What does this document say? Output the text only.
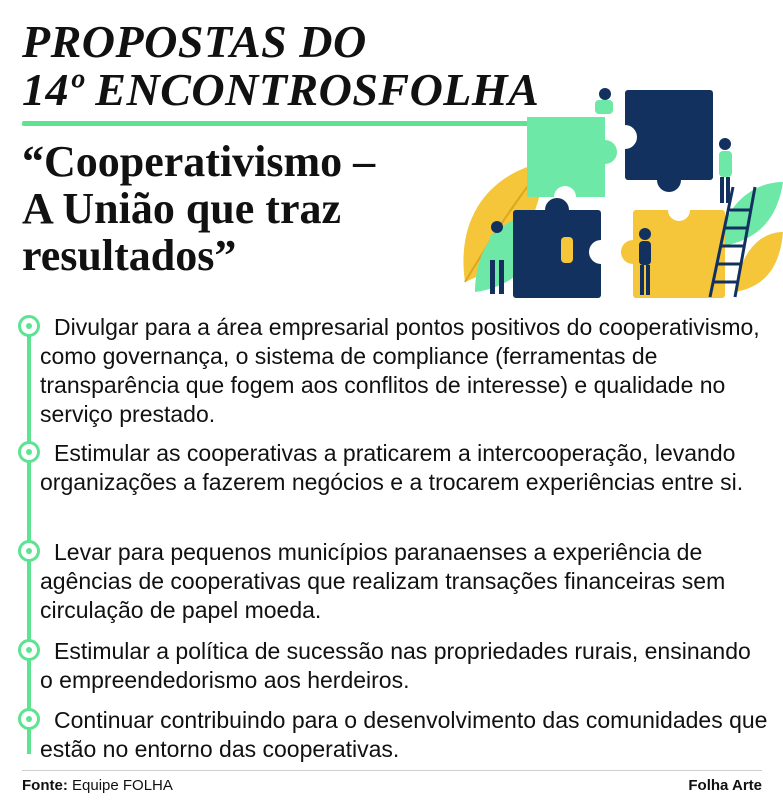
PROPOSTAS DO
14º ENCONTROSFOLHA
“Cooperativismo –
A União que traz
resultados”

Divulgar para a área empresarial pontos positivos do cooperativismo, como governança, o sistema de compliance (ferramentas de transparência que fogem aos conflitos de interesse) e qualidade no serviço prestado.

Estimular as cooperativas a praticarem a intercooperação, levando organizações a fazerem negócios e a trocarem experiências entre si.

Levar para pequenos municípios paranaenses a experiência de agências de cooperativas que realizam transações financeiras sem circulação de papel moeda.

Estimular a política de sucessão nas propriedades rurais, ensinando o empreendedorismo aos herdeiros.

Continuar contribuindo para o desenvolvimento das comunidades que estão no entorno das cooperativas.

Fonte: Equipe FOLHA	Folha Arte
